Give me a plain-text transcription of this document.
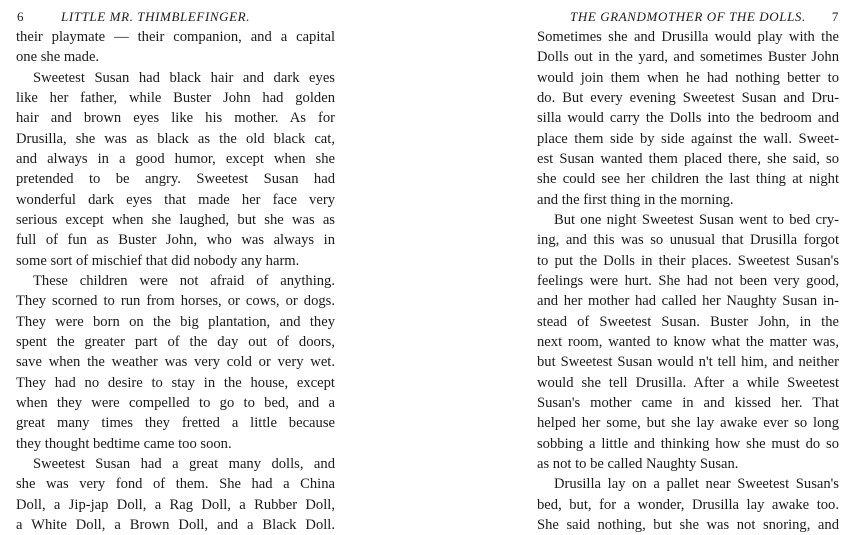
6	LITTLE MR. THIMBLEFINGER.
their playmate — their companion, and a capital
one she made.
Sweetest Susan had black hair and dark eyes
like her father, while Buster John had golden
hair and brown eyes like his mother. As for
Drusilla, she was as black as the old black cat,
and always in a good humor, except when she
pretended to be angry. Sweetest Susan had
wonderful dark eyes that made her face very
serious except when she laughed, but she was as
full of fun as Buster John, who was always in
some sort of mischief that did nobody any harm.
These children were not afraid of anything.
They scorned to run from horses, or cows, or dogs.
They were born on the big plantation, and they
spent the greater part of the day out of doors,
save when the weather was very cold or very wet.
They had no desire to stay in the house, except
when they were compelled to go to bed, and a
great many times they fretted a little because
they thought bedtime came too soon.
Sweetest Susan had a great many dolls, and
she was very fond of them. She had a China
Doll, a Jip-jap Doll, a Rag Doll, a Rubber Doll,
a White Doll, a Brown Doll, and a Black Doll.
THE GRANDMOTHER OF THE DOLLS. 7
Sometimes she and Drusilla would play with the
Dolls out in the yard, and sometimes Buster John
would join them when he had nothing better to
do. But every evening Sweetest Susan and Dru-
silla would carry the Dolls into the bedroom and
place them side by side against the wall. Sweet-
est Susan wanted them placed there, she said, so
she could see her children the last thing at night
and the first thing in the morning.
But one night Sweetest Susan went to bed cry-
ing, and this was so unusual that Drusilla forgot
to put the Dolls in their places. Sweetest Susan's
feelings were hurt. She had not been very good,
and her mother had called her Naughty Susan in-
stead of Sweetest Susan. Buster John, in the
next room, wanted to know what the matter was,
but Sweetest Susan would n't tell him, and neither
would she tell Drusilla. After a while Sweetest
Susan's mother came in and kissed her. That
helped her some, but she lay awake ever so long
sobbing a little and thinking how she must do so
as not to be called Naughty Susan.
Drusilla lay on a pallet near Sweetest Susan's
bed, but, for a wonder, Drusilla lay awake too.
She said nothing, but she was not snoring, and
